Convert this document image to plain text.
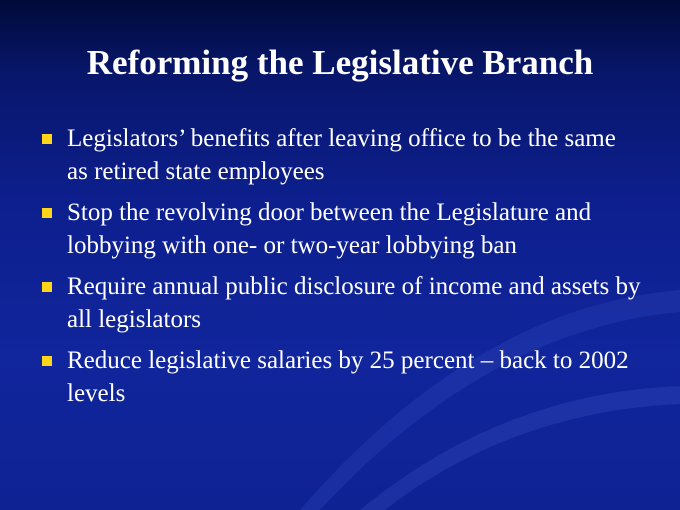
Reforming the Legislative Branch
Legislators’ benefits after leaving office to be the same as retired state employees
Stop the revolving door between the Legislature and lobbying with one- or two-year lobbying ban
Require annual public disclosure of income and assets by all legislators
Reduce legislative salaries by 25 percent – back to 2002 levels
